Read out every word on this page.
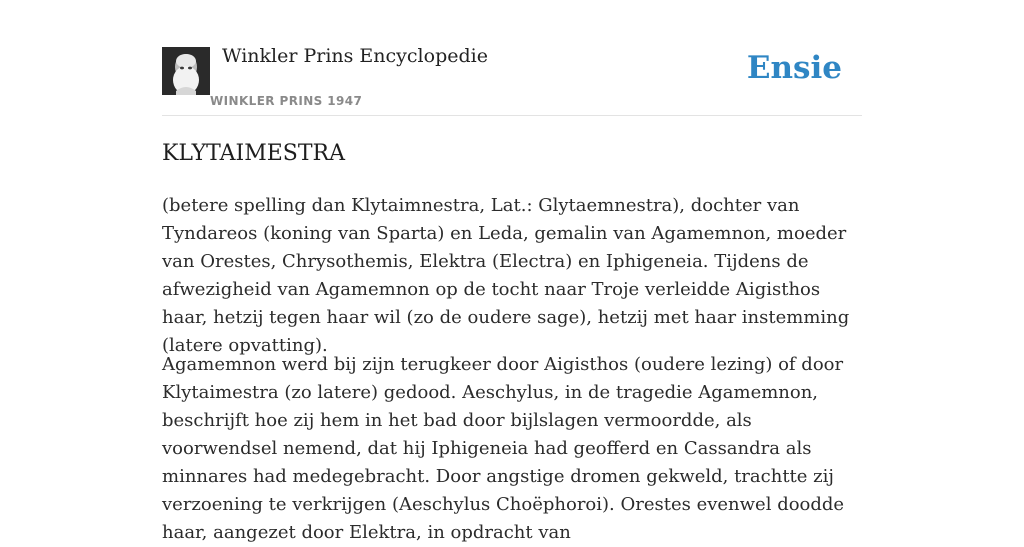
Winkler Prins Encyclopedie
WINKLER PRINS 1947
Ensie
KLYTAIMESTRA

(betere spelling dan Klytaimnestra, Lat.: Glytaemnestra), dochter van Tyndareos (koning van Sparta) en Leda, gemalin van Agamemnon, moeder van Orestes, Chrysothemis, Elektra (Electra) en Iphigeneia. Tijdens de afwezigheid van Agamemnon op de tocht naar Troje verleidde Aigisthos haar, hetzij tegen haar wil (zo de oudere sage), hetzij met haar instemming (latere opvatting).

Agamemnon werd bij zijn terugkeer door Aigisthos (oudere lezing) of door Klytaimestra (zo latere) gedood. Aeschylus, in de tragedie Agamemnon, beschrijft hoe zij hem in het bad door bijlslagen vermoordde, als voorwendsel nemend, dat hij Iphigeneia had geofferd en Cassandra als minnares had medegebracht. Door angstige dromen gekweld, trachtte zij verzoening te verkrijgen (Aeschylus Choëphoroi). Orestes evenwel doodde haar, aangezet door Elektra, in opdracht van
